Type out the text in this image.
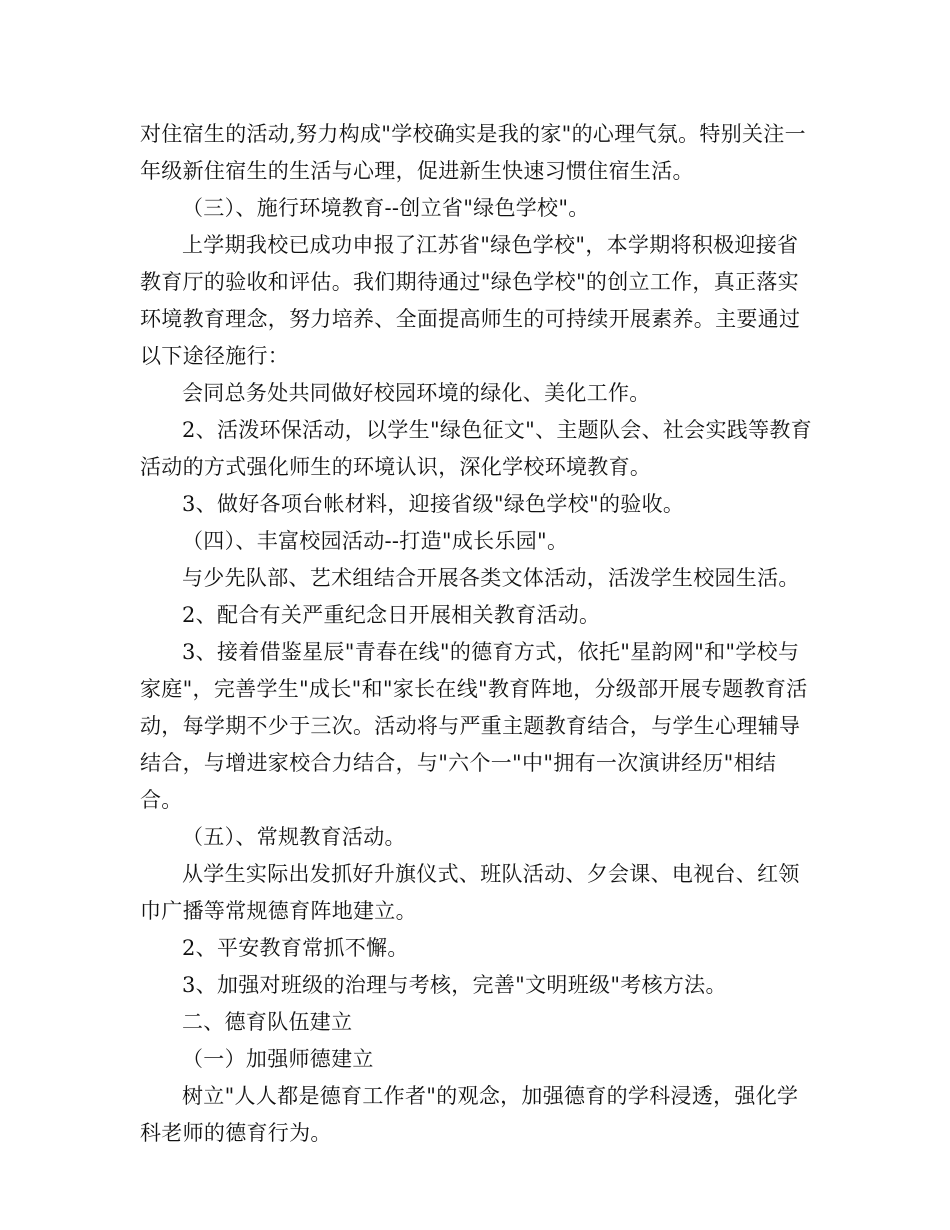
对住宿生的活动,努力构成"学校确实是我的家"的心理气氛。特别关注一年级新住宿生的生活与心理，促进新生快速习惯住宿生活。

（三）、施行环境教育--创立省"绿色学校"。

上学期我校已成功申报了江苏省"绿色学校"，本学期将积极迎接省教育厅的验收和评估。我们期待通过"绿色学校"的创立工作，真正落实环境教育理念，努力培养、全面提高师生的可持续开展素养。主要通过以下途径施行：

会同总务处共同做好校园环境的绿化、美化工作。

2、活泼环保活动，以学生"绿色征文"、主题队会、社会实践等教育活动的方式强化师生的环境认识，深化学校环境教育。

3、做好各项台帐材料，迎接省级"绿色学校"的验收。

（四）、丰富校园活动--打造"成长乐园"。

与少先队部、艺术组结合开展各类文体活动，活泼学生校园生活。

2、配合有关严重纪念日开展相关教育活动。

3、接着借鉴星辰"青春在线"的德育方式，依托"星韵网"和"学校与家庭"，完善学生"成长"和"家长在线"教育阵地，分级部开展专题教育活动，每学期不少于三次。活动将与严重主题教育结合，与学生心理辅导结合，与增进家校合力结合，与"六个一"中"拥有一次演讲经历"相结合。

（五）、常规教育活动。

从学生实际出发抓好升旗仪式、班队活动、夕会课、电视台、红领巾广播等常规德育阵地建立。

2、平安教育常抓不懈。

3、加强对班级的治理与考核，完善"文明班级"考核方法。

二、德育队伍建立

（一）加强师德建立

树立"人人都是德育工作者"的观念，加强德育的学科浸透，强化学科老师的德育行为。
